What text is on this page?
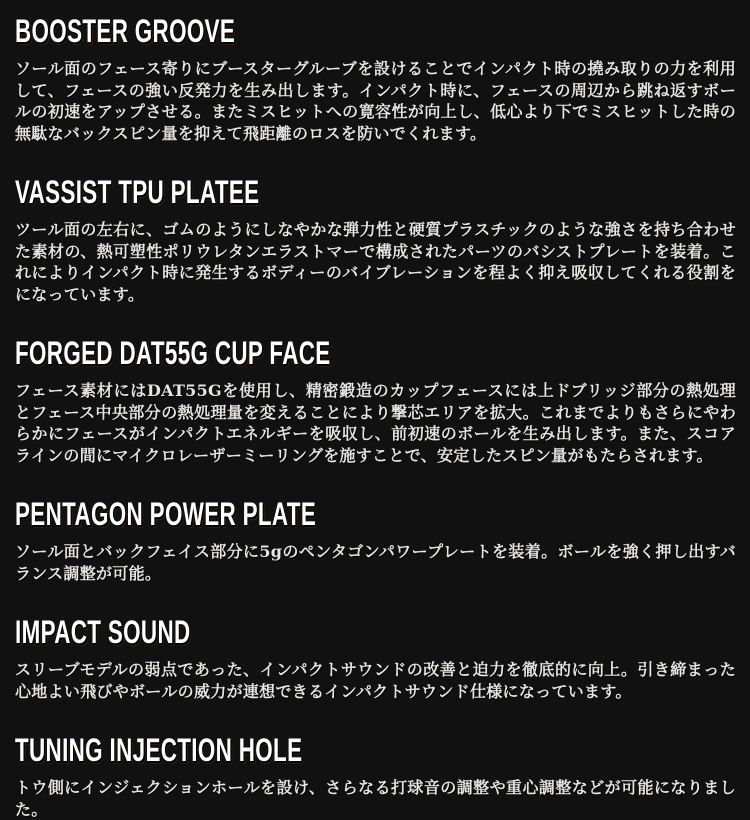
BOOSTER GROOVE

ソール面のフェース寄りにブースターグルーブを設けることでインパクト時の撓み取りの力を利用して、フェースの強い反発力を生み出します。インパクト時に、フェースの周辺から跳ね返すボールの初速をアップさせる。またミスヒットへの寛容性が向上し、低心より下でミスヒットした時の無駄なバックスピン量を抑えて飛距離のロスを防いでくれます。

VASSIST TPU PLATEE

ツール面の左右に、ゴムのようにしなやかな弾力性と硬質プラスチックのような強さを持ち合わせた素材の、熱可塑性ポリウレタンエラストマーで構成されたパーツのバシストプレートを装着。これによりインパクト時に発生するボディーのバイブレーションを程よく抑え吸収してくれる役割をになっています。

FORGED DAT55G CUP FACE

フェース素材にはDAT55Gを使用し、精密鍛造のカップフェースには上ドブリッジ部分の熱処理とフェース中央部分の熱処理量を変えることにより撃芯エリアを拡大。これまでよりもさらにやわらかにフェースがインパクトエネルギーを吸収し、前初速のボールを生み出します。また、スコアラインの間にマイクロレーザーミーリングを施すことで、安定したスピン量がもたらされます。

PENTAGON POWER PLATE

ソール面とバックフェイス部分に5gのペンタゴンパワープレートを装着。ボールを強く押し出すバランス調整が可能。

IMPACT SOUND

スリーブモデルの弱点であった、インパクトサウンドの改善と迫力を徹底的に向上。引き締まった心地よい飛びやボールの威力が連想できるインパクトサウンド仕様になっています。

TUNING INJECTION HOLE

トウ側にインジェクションホールを設け、さらなる打球音の調整や重心調整などが可能になりました。
